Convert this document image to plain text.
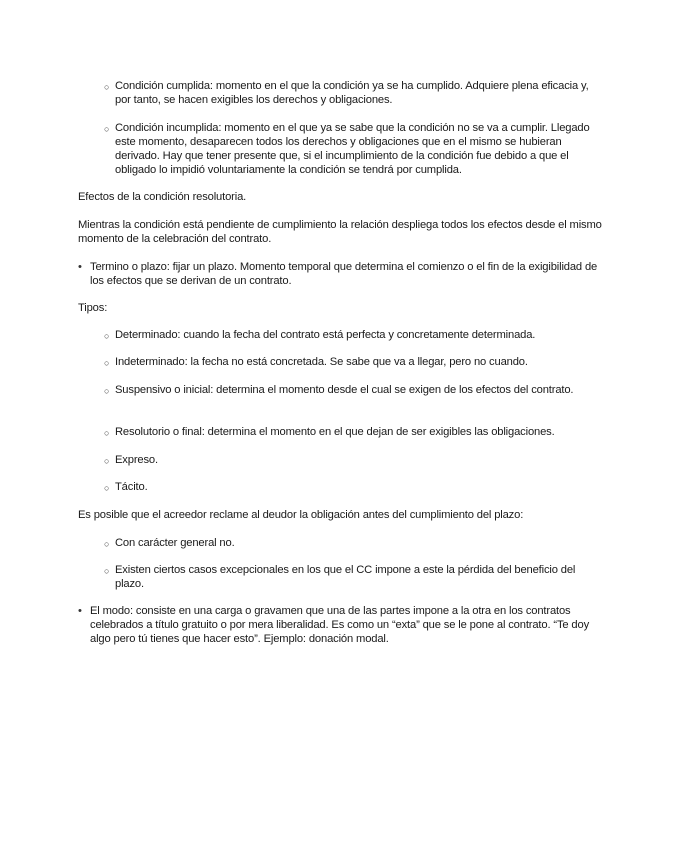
○ Condición cumplida: momento en el que la condición ya se ha cumplido. Adquiere plena eficacia y, por tanto, se hacen exigibles los derechos y obligaciones.
○ Condición incumplida: momento en el que ya se sabe que la condición no se va a cumplir. Llegado este momento, desaparecen todos los derechos y obligaciones que en el mismo se hubieran derivado. Hay que tener presente que, si el incumplimiento de la condición fue debido a que el obligado lo impidió voluntariamente la condición se tendrá por cumplida.
Efectos de la condición resolutoria.
Mientras la condición está pendiente de cumplimiento la relación despliega todos los efectos desde el mismo momento de la celebración del contrato.
• Termino o plazo: fijar un plazo. Momento temporal que determina el comienzo o el fin de la exigibilidad de los efectos que se derivan de un contrato.
Tipos:
○ Determinado: cuando la fecha del contrato está perfecta y concretamente determinada.
○ Indeterminado: la fecha no está concretada. Se sabe que va a llegar, pero no cuando.
○ Suspensivo o inicial: determina el momento desde el cual se exigen de los efectos del contrato.
○ Resolutorio o final: determina el momento en el que dejan de ser exigibles las obligaciones.
○ Expreso.
○ Tácito.
Es posible que el acreedor reclame al deudor la obligación antes del cumplimiento del plazo:
○ Con carácter general no.
○ Existen ciertos casos excepcionales en los que el CC impone a este la pérdida del beneficio del plazo.
• El modo: consiste en una carga o gravamen que una de las partes impone a la otra en los contratos celebrados a título gratuito o por mera liberalidad. Es como un “exta” que se le pone al contrato. “Te doy algo pero tú tienes que hacer esto”. Ejemplo: donación modal.
